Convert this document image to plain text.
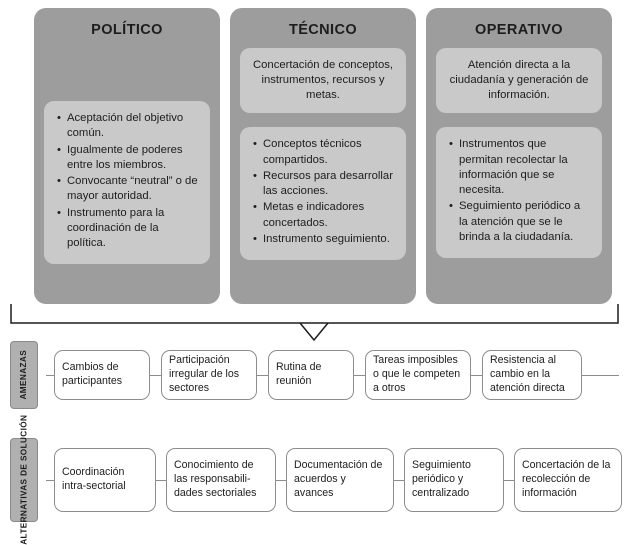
POLÍTICO
• Aceptación del objetivo común.
• Igualmente de poderes entre los miembros.
• Convocante “neutral” o de mayor autoridad.
• Instrumento para la coordinación de la política.
TÉCNICO
Concertación de conceptos, instrumentos, recursos y metas.
• Conceptos técnicos compartidos.
• Recursos para desarrollar las acciones.
• Metas e indicadores concertados.
• Instrumento seguimiento.
OPERATIVO
Atención directa a la ciudadanía y generación de información.
• Instrumentos que permitan recolectar la información que se necesita.
• Seguimiento periódico a la atención que se le brinda a la ciudadanía.
AMENAZAS	Cambios de participantes
Participación irregular de los sectores
Rutina de reunión
Tareas imposibles o que le competen a otros
Resistencia al cambio en la atención directa
ALTERNATIVAS DE SOLUCIÓN	Coordinación intra-sectorial
Conocimiento de las responsabili-dades sectoriales
Documentación de acuerdos y avances
Seguimiento periódico y centralizado
Concertación de la recolección de información
